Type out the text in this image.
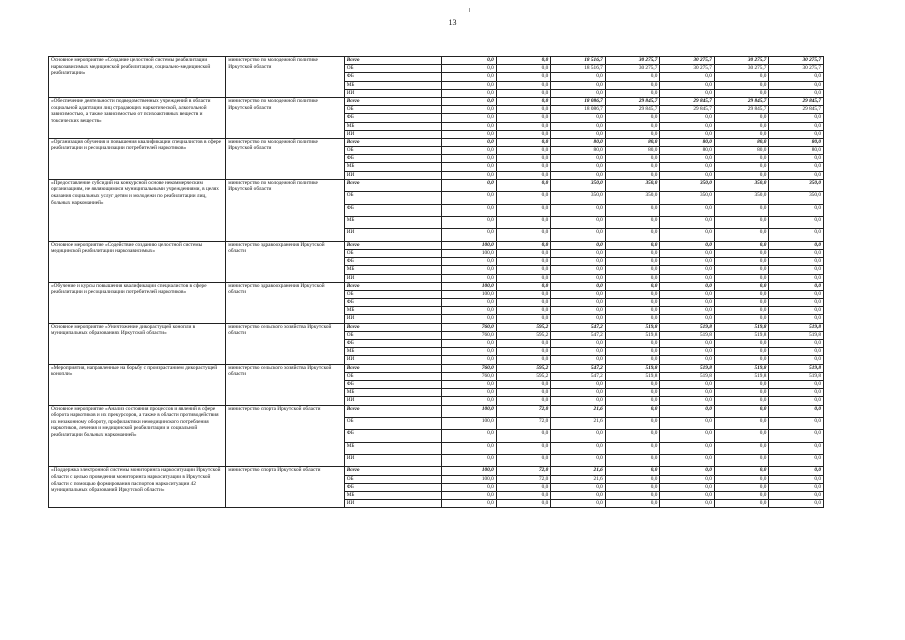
13
Основное мероприятие «Создание целостной системы реабилитации наркозависимых медицинской реабилитации, социально-медицинской реабилитации»	министерство по молодежной политике Иркутской области	Всего	0,0	0,0	18 516,7	30 275,7	30 275,7	30 275,7	30 275,7
		ОБ	0,0	0,0	18 516,7	30 275,7	30 275,7	30 275,7	30 275,7
		ФБ	0,0	0,0	0,0	0,0	0,0	0,0	0,0
		МБ	0,0	0,0	0,0	0,0	0,0	0,0	0,0
		ИИ	0,0	0,0	0,0	0,0	0,0	0,0	0,0
«Обеспечение деятельности подведомственных учреждений в области социальной адаптации лиц страдающих наркотической, алкогольной зависимостью, а также зависимостью от психоактивных веществ и токсических веществ»	министерство по молодежной политике Иркутской области	Всего	0,0	0,0	18 086,7	29 845,7	29 845,7	29 845,7	29 845,7
		ОБ	0,0	0,0	18 086,7	29 845,7	29 845,7	29 845,7	29 845,7
		ФБ	0,0	0,0	0,0	0,0	0,0	0,0	0,0
		МБ	0,0	0,0	0,0	0,0	0,0	0,0	0,0
		ИИ	0,0	0,0	0,0	0,0	0,0	0,0	0,0
«Организация обучения и повышения квалификации специалистов в сфере реабилитации и ресоциализации потребителей наркотиков»	министерство по молодежной политике Иркутской области	Всего	0,0	0,0	80,0	80,0	80,0	80,0	80,0
		ОБ	0,0	0,0	80,0	80,0	80,0	80,0	80,0
		ФБ	0,0	0,0	0,0	0,0	0,0	0,0	0,0
		МБ	0,0	0,0	0,0	0,0	0,0	0,0	0,0
		ИИ	0,0	0,0	0,0	0,0	0,0	0,0	0,0
«Предоставление субсидий на конкурсной основе некоммерческим организациям, не являющимися муниципальными учреждениями, в целях оказания социальных услуг детям и молодежи по реабилитации лиц, больных наркоманией»	министерство по молодежной политике Иркутской области	Всего	0,0	0,0	350,0	350,0	350,0	350,0	350,0
		ОБ	0,0	0,0	350,0	350,0	350,0	350,0	350,0
		ФБ	0,0	0,0	0,0	0,0	0,0	0,0	0,0
		МБ	0,0	0,0	0,0	0,0	0,0	0,0	0,0
		ИИ	0,0	0,0	0,0	0,0	0,0	0,0	0,0
Основное мероприятие «Содействие созданию целостной системы медицинской реабилитации наркозависимых»	министерство здравоохранения Иркутской области	Всего	100,0	0,0	0,0	0,0	0,0	0,0	0,0
		ОБ	100,0	0,0	0,0	0,0	0,0	0,0	0,0
		ФБ	0,0	0,0	0,0	0,0	0,0	0,0	0,0
		МБ	0,0	0,0	0,0	0,0	0,0	0,0	0,0
		ИИ	0,0	0,0	0,0	0,0	0,0	0,0	0,0
«Обучение и курсы повышения квалификации специалистов в сфере реабилитации и ресоциализации потребителей наркотиков»	министерство здравоохранения Иркутской области	Всего	100,0	0,0	0,0	0,0	0,0	0,0	0,0
		ОБ	100,0	0,0	0,0	0,0	0,0	0,0	0,0
		ФБ	0,0	0,0	0,0	0,0	0,0	0,0	0,0
		МБ	0,0	0,0	0,0	0,0	0,0	0,0	0,0
		ИИ	0,0	0,0	0,0	0,0	0,0	0,0	0,0
Основное мероприятие «Уничтожение дикорастущей конопли в муниципальных образованиях Иркутской области»	министерство сельского хозяйства Иркутской области	Всего	760,0	595,2	547,2	519,8	519,8	519,8	519,8
		ОБ	760,0	595,2	547,2	519,8	519,8	519,8	519,8
		ФБ	0,0	0,0	0,0	0,0	0,0	0,0	0,0
		МБ	0,0	0,0	0,0	0,0	0,0	0,0	0,0
		ИИ	0,0	0,0	0,0	0,0	0,0	0,0	0,0
«Мероприятия, направленные на борьбу с произрастанием дикорастущей конопли»	министерство сельского хозяйства Иркутской области	Всего	760,0	595,2	547,2	519,8	519,8	519,8	519,8
		ОБ	760,0	595,2	547,2	519,8	519,8	519,8	519,8
		ФБ	0,0	0,0	0,0	0,0	0,0	0,0	0,0
		МБ	0,0	0,0	0,0	0,0	0,0	0,0	0,0
		ИИ	0,0	0,0	0,0	0,0	0,0	0,0	0,0
Основное мероприятие «Анализ состояния процессов и явлений в сфере оборота наркотиков и их прекурсоров, а также в области противодействия их незаконному обороту, профилактики немедицинского потребления наркотиков, лечения и медицинской реабилитации и социальной реабилитации больных наркоманией»	министерство спорта Иркутской области	Всего	100,0	72,0	21,6	0,0	0,0	0,0	0,0
		ОБ	100,0	72,0	21,6	0,0	0,0	0,0	0,0
		ФБ	0,0	0,0	0,0	0,0	0,0	0,0	0,0
		МБ	0,0	0,0	0,0	0,0	0,0	0,0	0,0
		ИИ	0,0	0,0	0,0	0,0	0,0	0,0	0,0
«Поддержка электронной системы мониторинга наркоситуации Иркутской области с целью проведения мониторинга наркоситуации в Иркутской области с помощью формирования паспортов наркоситуации 42 муниципальных образований Иркутской области»	министерство спорта Иркутской области	Всего	100,0	72,0	21,6	0,0	0,0	0,0	0,0
		ОБ	100,0	72,0	21,6	0,0	0,0	0,0	0,0
		ФБ	0,0	0,0	0,0	0,0	0,0	0,0	0,0
		МБ	0,0	0,0	0,0	0,0	0,0	0,0	0,0
		ИИ	0,0	0,0	0,0	0,0	0,0	0,0	0,0
